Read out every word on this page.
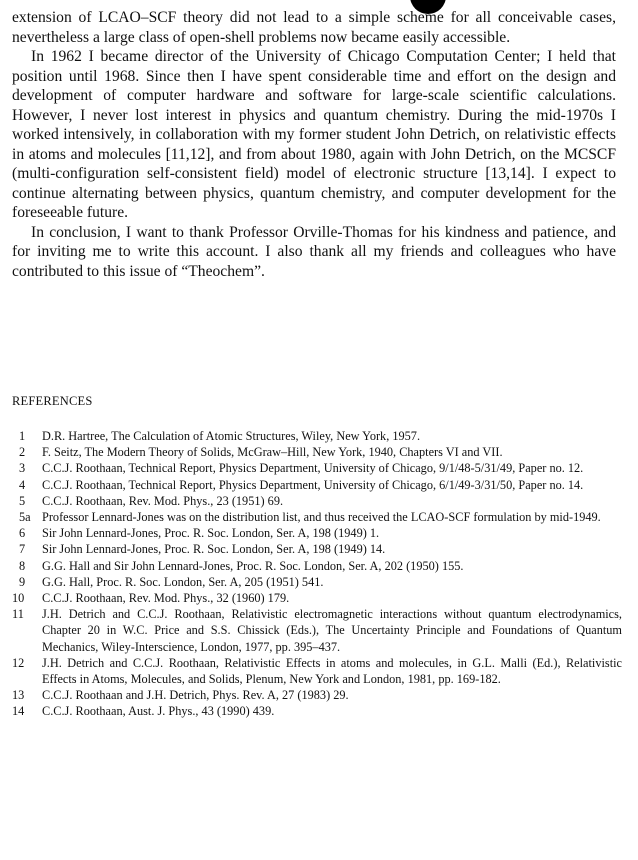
extension of LCAO–SCF theory did not lead to a simple scheme for all conceivable cases, nevertheless a large class of open-shell problems now became easily accessible.

In 1962 I became director of the University of Chicago Computation Center; I held that position until 1968. Since then I have spent considerable time and effort on the design and development of computer hardware and software for large-scale scientific calculations. However, I never lost interest in physics and quantum chemistry. During the mid-1970s I worked intensively, in collaboration with my former student John Detrich, on relativistic effects in atoms and molecules [11,12], and from about 1980, again with John Detrich, on the MCSCF (multi-configuration self-consistent field) model of electronic structure [13,14]. I expect to continue alternating between physics, quantum chemistry, and computer development for the foreseeable future.

In conclusion, I want to thank Professor Orville-Thomas for his kindness and patience, and for inviting me to write this account. I also thank all my friends and colleagues who have contributed to this issue of “Theochem”.

REFERENCES
1	D.R. Hartree, The Calculation of Atomic Structures, Wiley, New York, 1957.
2	F. Seitz, The Modern Theory of Solids, McGraw–Hill, New York, 1940, Chapters VI and VII.
3	C.C.J. Roothaan, Technical Report, Physics Department, University of Chicago, 9/1/48-5/31/49, Paper no. 12.
4	C.C.J. Roothaan, Technical Report, Physics Department, University of Chicago, 6/1/49-3/31/50, Paper no. 14.
5	C.C.J. Roothaan, Rev. Mod. Phys., 23 (1951) 69.
5a Professor Lennard-Jones was on the distribution list, and thus received the LCAO-SCF formulation by mid-1949.
6	Sir John Lennard-Jones, Proc. R. Soc. London, Ser. A, 198 (1949) 1.
7	Sir John Lennard-Jones, Proc. R. Soc. London, Ser. A, 198 (1949) 14.
8	G.G. Hall and Sir John Lennard-Jones, Proc. R. Soc. London, Ser. A, 202 (1950) 155.
9	G.G. Hall, Proc. R. Soc. London, Ser. A, 205 (1951) 541.
10	C.C.J. Roothaan, Rev. Mod. Phys., 32 (1960) 179.
11	J.H. Detrich and C.C.J. Roothaan, Relativistic electromagnetic interactions without quantum electrodynamics, Chapter 20 in W.C. Price and S.S. Chissick (Eds.), The Uncertainty Principle and Foundations of Quantum Mechanics, Wiley-Interscience, London, 1977, pp. 395–437.
12	J.H. Detrich and C.C.J. Roothaan, Relativistic Effects in atoms and molecules, in G.L. Malli (Ed.), Relativistic Effects in Atoms, Molecules, and Solids, Plenum, New York and London, 1981, pp. 169-182.
13	C.C.J. Roothaan and J.H. Detrich, Phys. Rev. A, 27 (1983) 29.
14	C.C.J. Roothaan, Aust. J. Phys., 43 (1990) 439.
